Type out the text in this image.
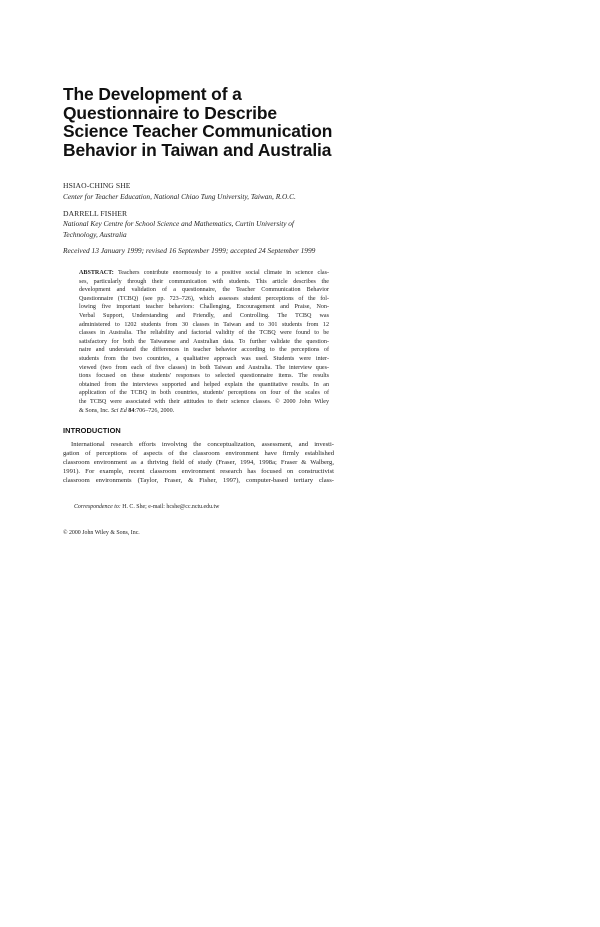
The Development of a
Questionnaire to Describe
Science Teacher Communication
Behavior in Taiwan and Australia
HSIAO-CHING SHE
Center for Teacher Education, National Chiao Tung University, Taiwan, R.O.C.
DARRELL FISHER
National Key Centre for School Science and Mathematics, Curtin University of
Technology, Australia
Received 13 January 1999; revised 16 September 1999; accepted 24 September 1999
ABSTRACT: Teachers contribute enormously to a positive social climate in science clas-
ses, particularly through their communication with students. This article describes the
development and validation of a questionnaire, the Teacher Communication Behavior
Questionnaire (TCBQ) (see pp. 723–726), which assesses student perceptions of the fol-
lowing five important teacher behaviors: Challenging, Encouragement and Praise, Non-
Verbal Support, Understanding and Friendly, and Controlling. The TCBQ was
administered to 1202 students from 30 classes in Taiwan and to 301 students from 12
classes in Australia. The reliability and factorial validity of the TCBQ were found to be
satisfactory for both the Taiwanese and Australian data. To further validate the question-
naire and understand the differences in teacher behavior according to the perceptions of
students from the two countries, a qualitative approach was used. Students were inter-
viewed (two from each of five classes) in both Taiwan and Australia. The interview ques-
tions focused on these students' responses to selected questionnaire items. The results
obtained from the interviews supported and helped explain the quantitative results. In an
application of the TCBQ in both countries, students' perceptions on four of the scales of
the TCBQ were associated with their attitudes to their science classes. © 2000 John Wiley
& Sons, Inc. Sci Ed 84:706–726, 2000.
INTRODUCTION
International research efforts involving the conceptualization, assessment, and investi-
gation of perceptions of aspects of the classroom environment have firmly established
classroom environment as a thriving field of study (Fraser, 1994, 1998a; Fraser & Walberg,
1991). For example, recent classroom environment research has focused on constructivist
classroom environments (Taylor, Fraser, & Fisher, 1997), computer-based tertiary class-
Correspondence to: H. C. She; e-mail: hcshe@cc.nctu.edu.tw
© 2000 John Wiley & Sons, Inc.
